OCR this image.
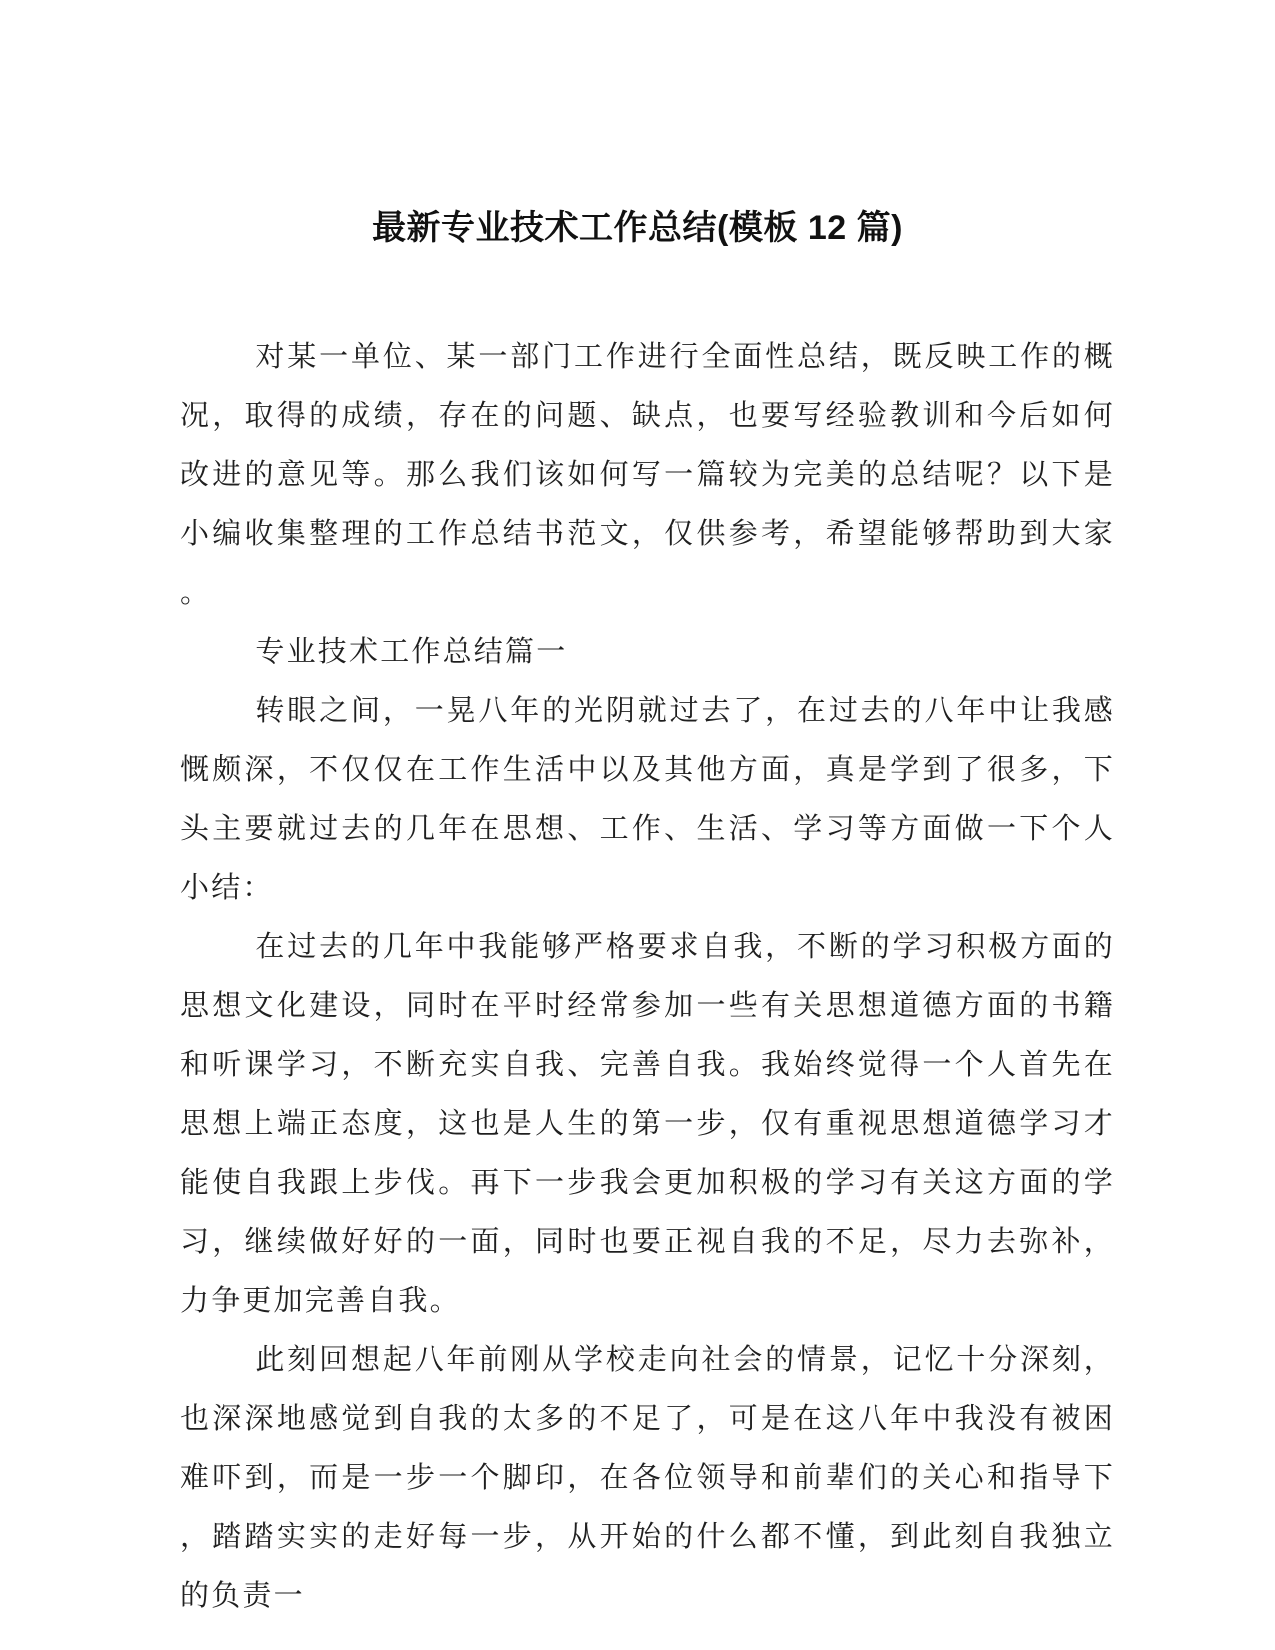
最新专业技术工作总结(模板 12 篇)

对某一单位、某一部门工作进行全面性总结，既反映工作的概况，取得的成绩，存在的问题、缺点，也要写经验教训和今后如何改进的意见等。那么我们该如何写一篇较为完美的总结呢？以下是小编收集整理的工作总结书范文，仅供参考，希望能够帮助到大家。

专业技术工作总结篇一

转眼之间，一晃八年的光阴就过去了，在过去的八年中让我感慨颇深，不仅仅在工作生活中以及其他方面，真是学到了很多，下头主要就过去的几年在思想、工作、生活、学习等方面做一下个人小结：

在过去的几年中我能够严格要求自我，不断的学习积极方面的思想文化建设，同时在平时经常参加一些有关思想道德方面的书籍和听课学习，不断充实自我、完善自我。我始终觉得一个人首先在思想上端正态度，这也是人生的第一步，仅有重视思想道德学习才能使自我跟上步伐。再下一步我会更加积极的学习有关这方面的学习，继续做好好的一面，同时也要正视自我的不足，尽力去弥补，力争更加完善自我。

此刻回想起八年前刚从学校走向社会的情景，记忆十分深刻，也深深地感觉到自我的太多的不足了，可是在这八年中我没有被困难吓到，而是一步一个脚印，在各位领导和前辈们的关心和指导下，踏踏实实的走好每一步，从开始的什么都不懂，到此刻自我独立的负责一
